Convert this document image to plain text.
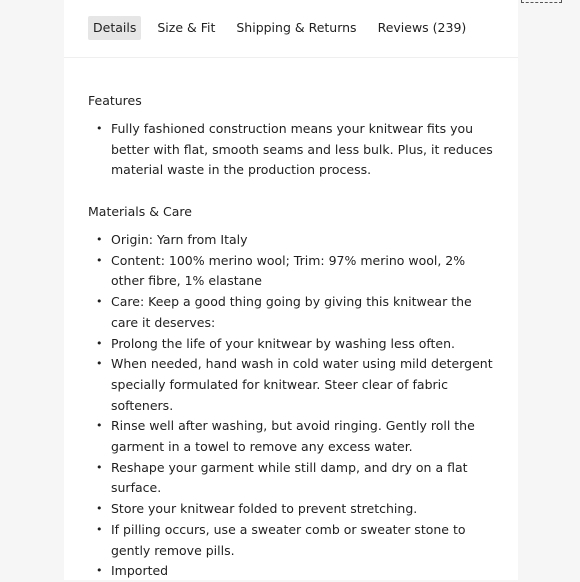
Details	Size & Fit	Shipping & Returns	Reviews (239)
Features
• Fully fashioned construction means your knitwear fits you better with flat, smooth seams and less bulk. Plus, it reduces material waste in the production process.
Materials & Care
• Origin: Yarn from Italy
• Content: 100% merino wool; Trim: 97% merino wool, 2% other fibre, 1% elastane
• Care: Keep a good thing going by giving this knitwear the care it deserves:
• Prolong the life of your knitwear by washing less often.
• When needed, hand wash in cold water using mild detergent specially formulated for knitwear. Steer clear of fabric softeners.
• Rinse well after washing, but avoid ringing. Gently roll the garment in a towel to remove any excess water.
• Reshape your garment while still damp, and dry on a flat surface.
• Store your knitwear folded to prevent stretching.
• If pilling occurs, use a sweater comb or sweater stone to gently remove pills.
• Imported
